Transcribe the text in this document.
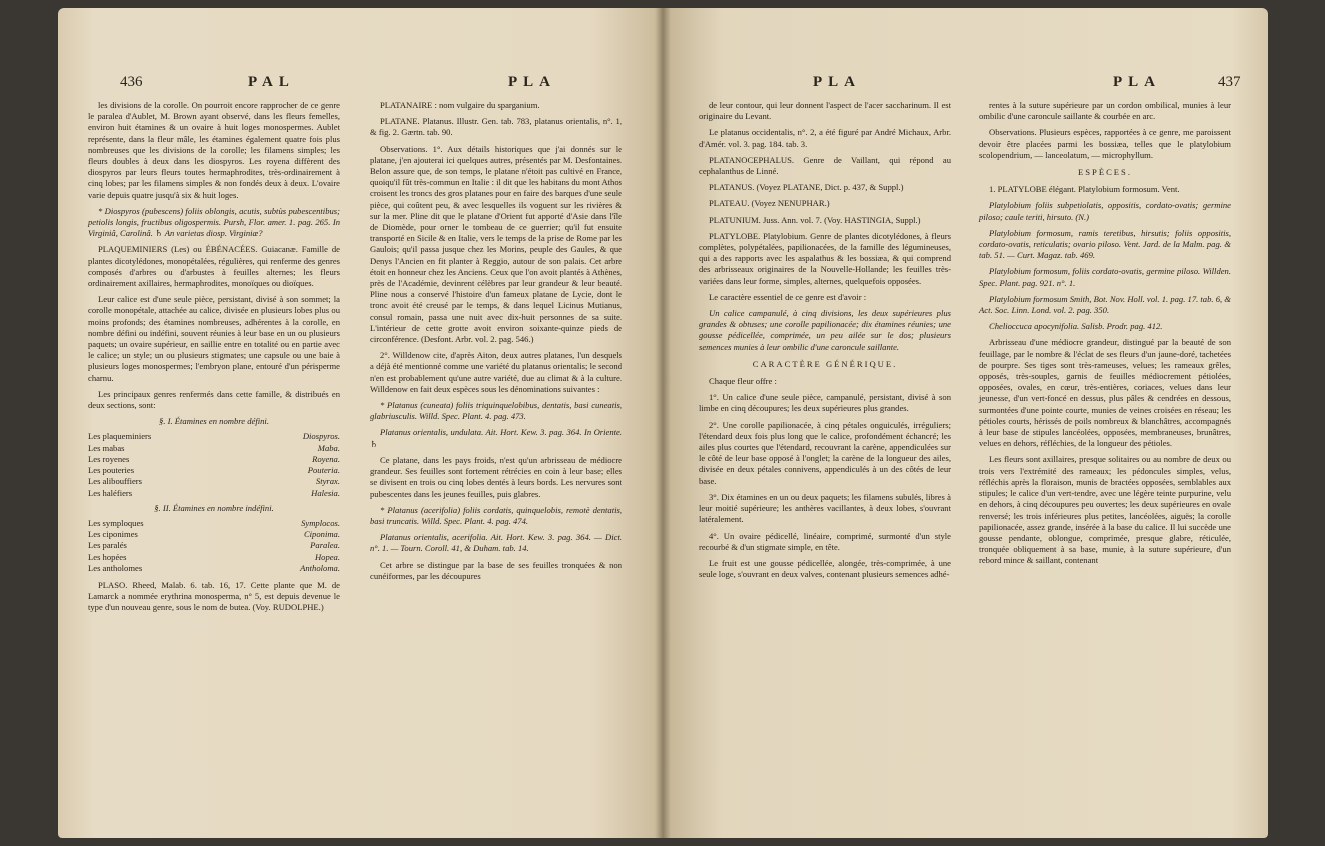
436	PAL	PLA

les divisions de la corolle. On pourroit encore rapprocher de ce genre le paralea d'Aublet, M. Brown ayant observé, dans les fleurs femelles, environ huit étamines & un ovaire à huit loges monospermes. Aublet représente, dans la fleur mâle, les étamines également quatre fois plus nombreuses que les divisions de la corolle; les filamens simples; les fleurs doubles à deux dans les diospyros. Les royena diffèrent des diospyros par leurs fleurs toutes hermaphrodites, très-ordinairement à cinq lobes; par les filamens simples & non fondés deux à deux. L'ovaire varie depuis quatre jusqu'à six & huit loges.

* Diospyros (pubescens) foliis oblongis, acutis, subtùs pubescentibus; petiolis longis, fructibus oligospermis. Pursh, Flor. amer. 1. pag. 265. In Virginiâ, Carolinâ. ♄ An varietas diosp. Virginiæ?

PLAQUEMINIERS (Les) ou ÉBÉNACÉES. Guiacanæ. Famille de plantes dicotylédones, monopétalées, régulières, qui renferme des genres composés d'arbres ou d'arbustes à feuilles alternes; les fleurs ordinairement axillaires, hermaphrodites, monoïques ou dioïques.

Leur calice est d'une seule pièce, persistant, divisé à son sommet; la corolle monopétale, attachée au calice, divisée en plusieurs lobes plus ou moins profonds; des étamines nombreuses, adhérentes à la corolle, en nombre défini ou indéfini, souvent réunies à leur base en un ou plusieurs paquets; un ovaire supérieur, en saillie entre en totalité ou en partie avec le calice; un style; un ou plusieurs stigmates; une capsule ou une baie à plusieurs loges monospermes; l'embryon plane, entouré d'un périsperme charnu.

Les principaux genres renfermés dans cette famille, & distribués en deux sections, sont:

§. I. Étamines en nombre défini.

Les plaqueminiers	Diospyros.
Les mabas	Maba.
Les royenes	Royena.
Les pouteries	Pouteria.
Les alibouffiers	Styrax.
Les haléfiers	Halesia.

§. II. Étamines en nombre indéfini.

Les symploques	Symplocos.
Les ciponimes	Ciponima.
Les paralés	Paralea.
Les hopées	Hopea.
Les antholomes	Antholoma.

PLASO. Rheed, Malab. 6. tab. 16, 17. Cette plante que M. de Lamarck a nommée erythrina monosperma, n° 5, est depuis devenue le type d'un nouveau genre, sous le nom de butea. (Voy. RUDOLPHE.)

PLATANAIRE : nom vulgaire du sparganium.

PLATANE. Platanus. Illustr. Gen. tab. 783, platanus orientalis, n°. 1, & fig. 2. Gærtn. tab. 90.

Observations. 1°. Aux détails historiques que j'ai donnés sur le platane, j'en ajouterai ici quelques autres, présentés par M. Desfontaines. Belon assure que, de son temps, le platane n'étoit pas cultivé en France, quoiqu'il fût très-commun en Italie : il dit que les habitans du mont Athos croisent les troncs des gros platanes pour en faire des barques d'une seule pièce, qui coûtent peu, & avec lesquelles ils voguent sur les rivières & sur la mer. Pline dit que le platane d'Orient fut apporté d'Asie dans l'île de Diomède, pour orner le tombeau de ce guerrier; qu'il fut ensuite transporté en Sicile & en Italie, vers le temps de la prise de Rome par les Gaulois; qu'il passa jusque chez les Morins, peuple des Gaules, & que Denys l'Ancien en fit planter à Reggio, autour de son palais. Cet arbre étoit en honneur chez les Anciens. Ceux que l'on avoit plantés à Athènes, près de l'Académie, devinrent célèbres par leur grandeur & leur beauté. Pline nous a conservé l'histoire d'un fameux platane de Lycie, dont le tronc avoit été creusé par le temps, & dans lequel Licinus Mutianus, consul romain, passa une nuit avec dix-huit personnes de sa suite. L'intérieur de cette grotte avoit environ soixante-quinze pieds de circonférence. (Desfont. Arbr. vol. 2. pag. 546.)

2°. Willdenow cite, d'après Aiton, deux autres platanes, l'un desquels a déjà été mentionné comme une variété du platanus orientalis; le second n'en est probablement qu'une autre variété, due au climat & à la culture. Willdenow en fait deux espèces sous les dénominations suivantes :

* Platanus (cuneata) foliis triquinquelobibus, dentatis, basi cuneatis, glabriusculis. Willd. Spec. Plant. 4. pag. 473.

Platanus orientalis, undulata. Ait. Hort. Kew. 3. pag. 364. In Oriente. ♄

Ce platane, dans les pays froids, n'est qu'un arbrisseau de médiocre grandeur. Ses feuilles sont fortement rétrécies en coin à leur base; elles se divisent en trois ou cinq lobes dentés à leurs bords. Les nervures sont pubescentes dans les jeunes feuilles, puis glabres.

* Platanus (acerifolia) foliis cordatis, quinquelobis, remotè dentatis, basi truncatis. Willd. Spec. Plant. 4. pag. 474.

Platanus orientalis, acerifolia. Ait. Hort. Kew. 3. pag. 364. — Dict. n°. 1. — Tourn. Coroll. 41, & Duham. tab. 14.

Cet arbre se distingue par la base de ses feuilles tronquées & non cunéiformes, par les découpures

PLA	PLA	437

de leur contour, qui leur donnent l'aspect de l'acer saccharinum. Il est originaire du Levant.

Le platanus occidentalis, n°. 2, a été figuré par André Michaux, Arbr. d'Amér. vol. 3. pag. 184. tab. 3.

PLATANOCEPHALUS. Genre de Vaillant, qui répond au cephalanthus de Linné.

PLATANUS. (Voyez PLATANE, Dict. p. 437, & Suppl.)

PLATEAU. (Voyez NENUPHAR.)

PLATUNIUM. Juss. Ann. vol. 7. (Voy. HASTINGIA, Suppl.)

PLATYLOBE. Platylobium. Genre de plantes dicotylédones, à fleurs complètes, polypétalées, papilionacées, de la famille des légumineuses, qui a des rapports avec les aspalathus & les bossiæa, & qui comprend des arbrisseaux originaires de la Nouvelle-Hollande; les feuilles très-variées dans leur forme, simples, alternes, quelquefois opposées.

Le caractère essentiel de ce genre est d'avoir :

Un calice campanulé, à cinq divisions, les deux supérieures plus grandes & obtuses; une corolle papilionacée; dix étamines réunies; une gousse pédicellée, comprimée, un peu ailée sur le dos; plusieurs semences munies à leur ombilic d'une caroncule saillante.

CARACTÈRE GÉNÉRIQUE.

Chaque fleur offre :

1°. Un calice d'une seule pièce, campanulé, persistant, divisé à son limbe en cinq découpures; les deux supérieures plus grandes.

2°. Une corolle papilionacée, à cinq pétales onguiculés, irréguliers; l'étendard deux fois plus long que le calice, profondément échancré; les ailes plus courtes que l'étendard, recouvrant la carène, appendiculées sur le côté de leur base opposé à l'onglet; la carène de la longueur des ailes, divisée en deux pétales connivens, appendiculés à un des côtés de leur base.

3°. Dix étamines en un ou deux paquets; les filamens subulés, libres à leur moitié supérieure; les anthères vacillantes, à deux lobes, s'ouvrant latéralement.

4°. Un ovaire pédicellé, linéaire, comprimé, surmonté d'un style recourbé & d'un stigmate simple, en tête.

Le fruit est une gousse pédicellée, alongée, très-comprimée, à une seule loge, s'ouvrant en deux valves, contenant plusieurs semences adhé-

rentes à la suture supérieure par un cordon ombilical, munies à leur ombilic d'une caroncule saillante & courbée en arc.

Observations. Plusieurs espèces, rapportées à ce genre, me paroissent devoir être placées parmi les bossiæa, telles que le platylobium scolopendrium, — lanceolatum, — microphyllum.

ESPÈCES.

1. PLATYLOBE élégant. Platylobium formosum. Vent.

Platylobium foliis subpetiolatis, oppositis, cordato-ovatis; germine piloso; caule teriti, hirsuto. (N.)

Platylobium formosum, ramis teretibus, hirsutis; foliis oppositis, cordato-ovatis, reticulatis; ovario piloso. Vent. Jard. de la Malm. pag. & tab. 51. — Curt. Magaz. tab. 469.

Platylobium formosum, foliis cordato-ovatis, germine piloso. Willden. Spec. Plant. pag. 921. n°. 1.

Platylobium formosum Smith, Bot. Nov. Holl. vol. 1. pag. 17. tab. 6, & Act. Soc. Linn. Lond. vol. 2. pag. 350.

Chelioccuca apocynifolia. Salisb. Prodr. pag. 412.

Arbrisseau d'une médiocre grandeur, distingué par la beauté de son feuillage, par le nombre & l'éclat de ses fleurs d'un jaune-doré, tachetées de pourpre. Ses tiges sont très-rameuses, velues; les rameaux grêles, opposés, très-souples, garnis de feuilles médiocrement pétiolées, opposées, ovales, en cœur, très-entières, coriaces, velues dans leur jeunesse, d'un vert-foncé en dessus, plus pâles & cendrées en dessous, surmontées d'une pointe courte, munies de veines croisées en réseau; les pétioles courts, hérissés de poils nombreux & blanchâtres, accompagnés à leur base de stipules lancéolées, opposées, membraneuses, brunâtres, velues en dehors, réfléchies, de la longueur des pétioles.

Les fleurs sont axillaires, presque solitaires ou au nombre de deux ou trois vers l'extrémité des rameaux; les pédoncules simples, velus, réfléchis après la floraison, munis de bractées opposées, semblables aux stipules; le calice d'un vert-tendre, avec une légère teinte purpurine, velu en dehors, à cinq découpures peu ouvertes; les deux supérieures en ovale renversé; les trois inférieures plus petites, lancéolées, aiguës; la corolle papilionacée, assez grande, insérée à la base du calice. Il lui succède une gousse pendante, oblongue, comprimée, presque glabre, réticulée, tronquée obliquement à sa base, munie, à la suture supérieure, d'un rebord mince & saillant, contenant
